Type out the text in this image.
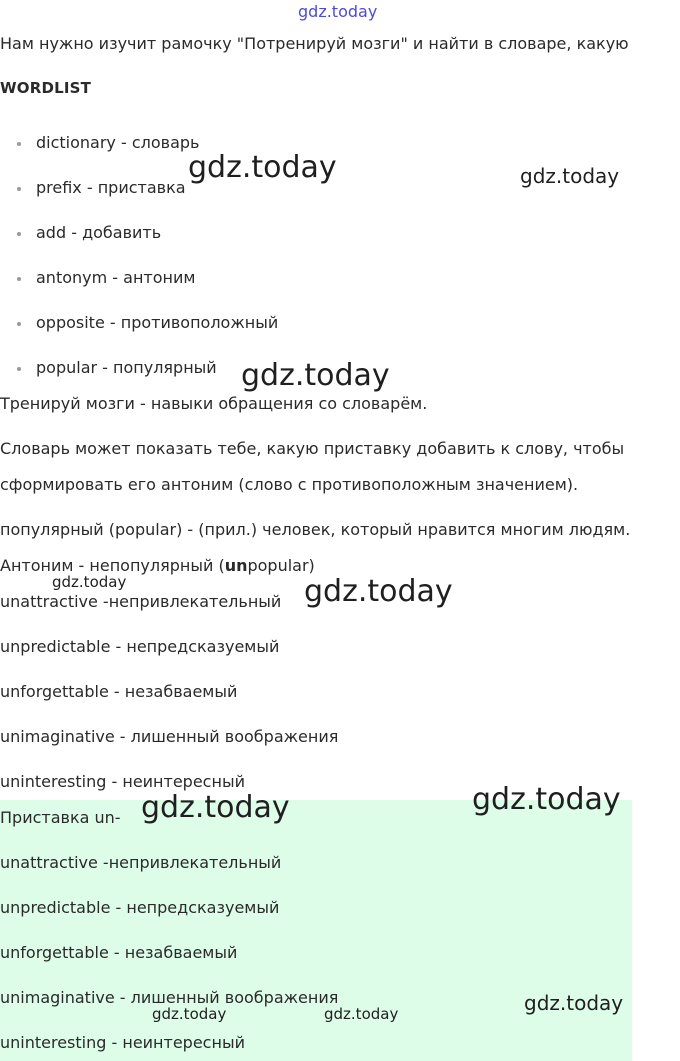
gdz.today
Нам нужно изучит рамочку "Потренируй мозги" и найти в словаре, какую
WORDLIST
dictionary - словарь
prefix - приставка
add - добавить
antonym - антоним
opposite - противоположный
popular - популярный
Тренируй мозги - навыки обращения со словарём.
Словарь может показать тебе, какую приставку добавить к слову, чтобы
сформировать его антоним (слово с противоположным значением).
популярный (popular) - (прил.) человек, который нравится многим людям.
Антоним - непопулярный (unpopular)
unattractive -непривлекательный
unpredictable - непредсказуемый
unforgettable - незабваемый
unimaginative - лишенный воображения
uninteresting - неинтересный
Приставка un-
unattractive -непривлекательный
unpredictable - непредсказуемый
unforgettable - незабваемый
unimaginative - лишенный воображения
uninteresting - неинтересный
gdz.today	gdz.today
gdz.today
gdz.today	gdz.today
gdz.today	gdz.today
gdz.today
gdz.today	gdz.today
